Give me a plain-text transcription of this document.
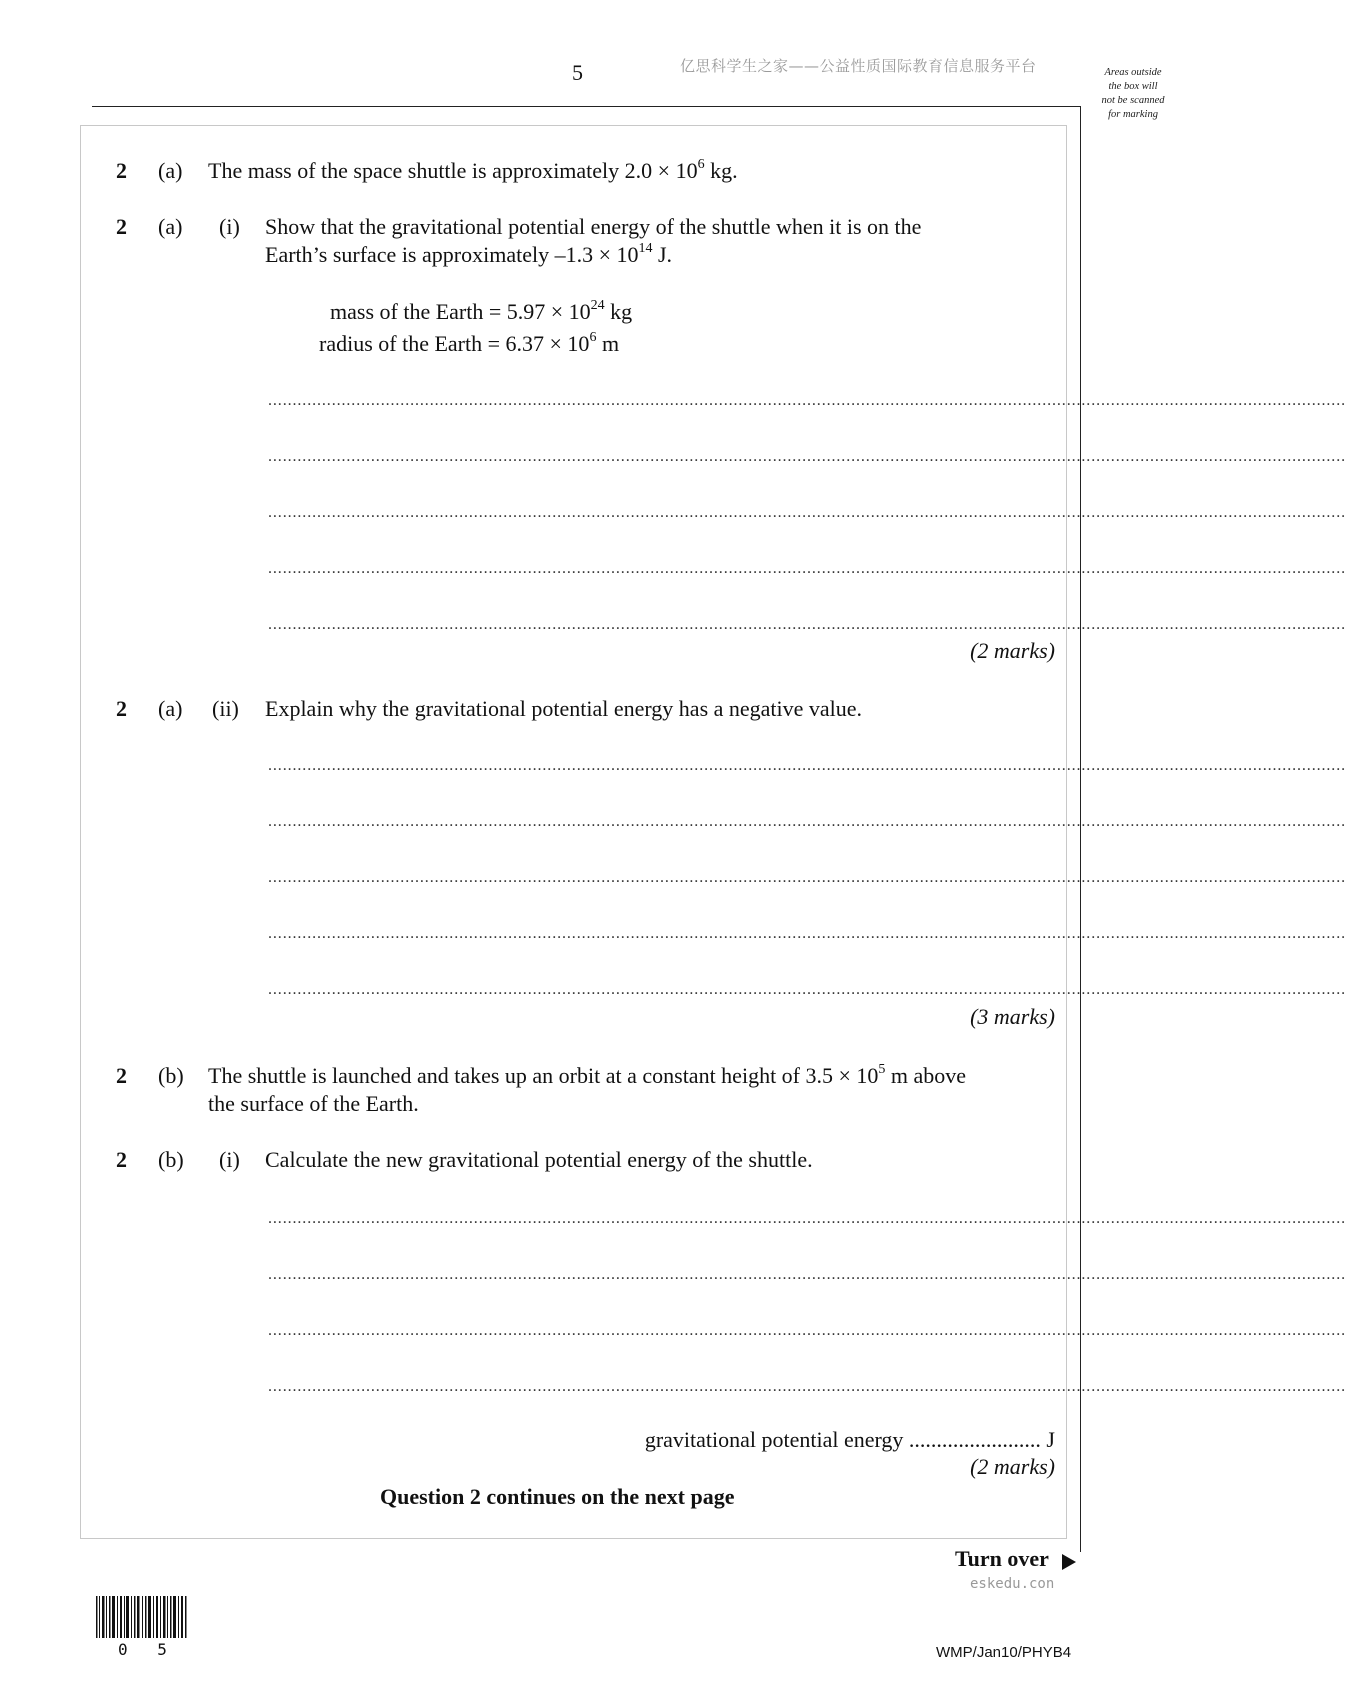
5	亿思科学生之家——公益性质国际教育信息服务平台	Areas outside
the box will
not be scanned
for marking
2 (a) The mass of the space shuttle is approximately $2.0 \times 10^6$ kg.
2 (a) (i) Show that the gravitational potential energy of the shuttle when it is on the
Earth’s surface is approximately $-1.3 \times 10^{14}$ J.
mass of the Earth = $5.97 \times 10^{24}$ kg
radius of the Earth = $6.37 \times 10^6$ m
............................................................................................................................................................................................................................
............................................................................................................................................................................................................................
............................................................................................................................................................................................................................
............................................................................................................................................................................................................................
............................................................................................................................................................................................................................
(2 marks)
2 (a) (ii) Explain why the gravitational potential energy has a negative value.
............................................................................................................................................................................................................................
............................................................................................................................................................................................................................
............................................................................................................................................................................................................................
............................................................................................................................................................................................................................
............................................................................................................................................................................................................................
(3 marks)
2 (b) The shuttle is launched and takes up an orbit at a constant height of $3.5 \times 10^5$ m above
the surface of the Earth.
2 (b) (i) Calculate the new gravitational potential energy of the shuttle.
............................................................................................................................................................................................................................
............................................................................................................................................................................................................................
............................................................................................................................................................................................................................
............................................................................................................................................................................................................................
gravitational potential energy ........................ J
(2 marks)
Question 2 continues on the next page
Turn over
eskedu.con
0 5	WMP/Jan10/PHYB4
